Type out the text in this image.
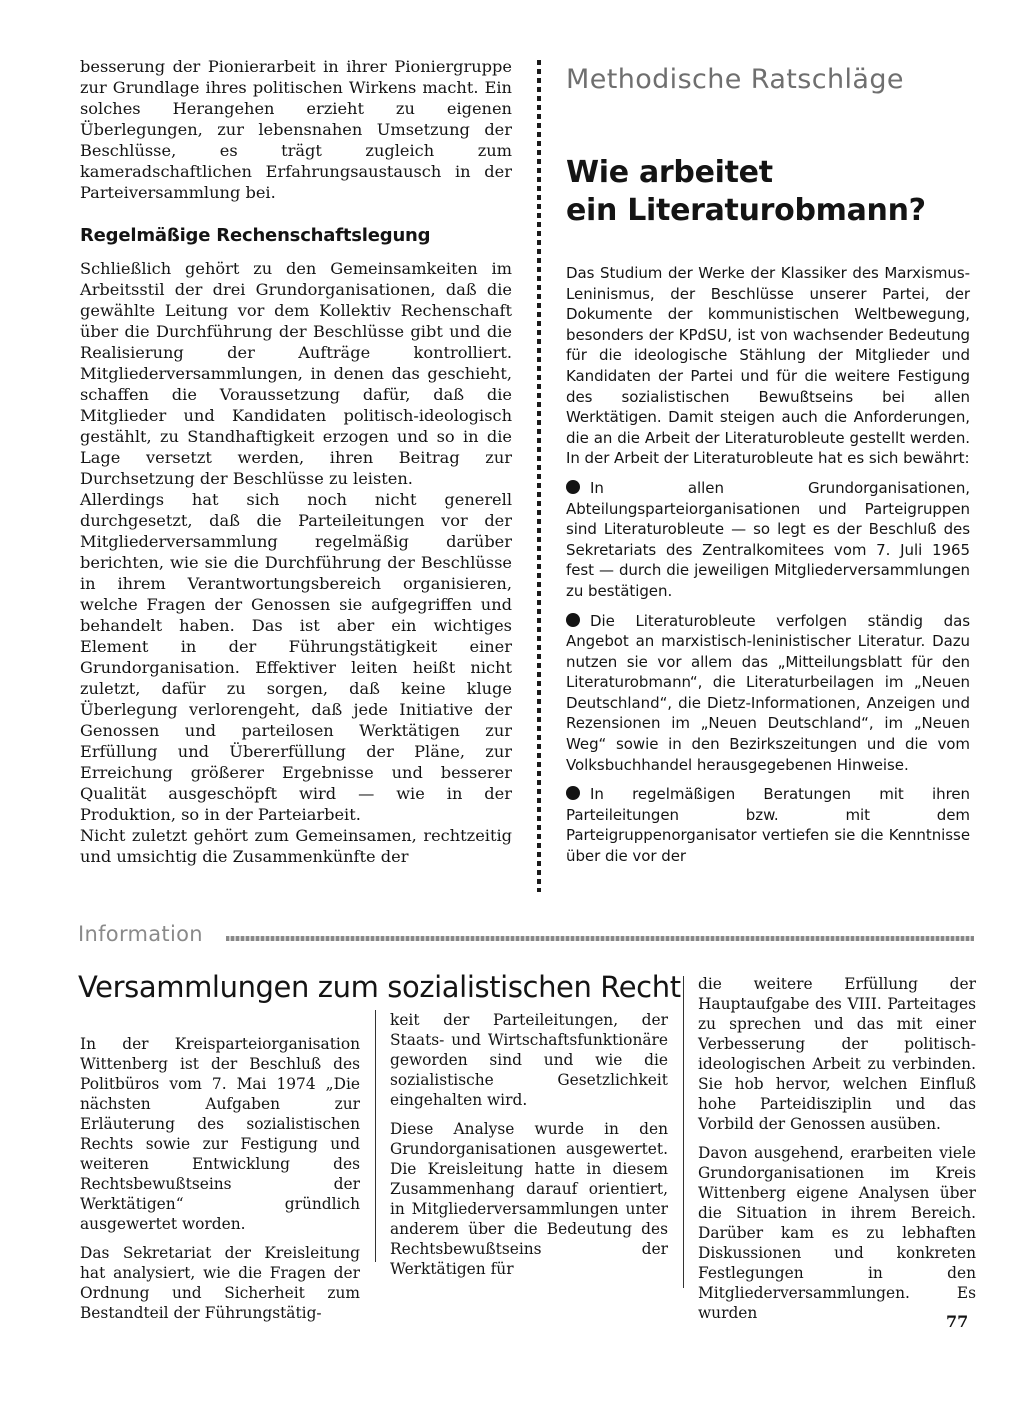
besserung der Pionierarbeit in ihrer Pioniergruppe zur Grundlage ihres politischen Wirkens macht. Ein solches Herangehen erzieht zu eigenen Überlegungen, zur lebensnahen Umsetzung der Beschlüsse, es trägt zugleich zum kameradschaftlichen Erfahrungsaustausch in der Parteiversammlung bei.

Regelmäßige Rechenschaftslegung

Schließlich gehört zu den Gemeinsamkeiten im Arbeitsstil der drei Grundorganisationen, daß die gewählte Leitung vor dem Kollektiv Rechenschaft über die Durchführung der Beschlüsse gibt und die Realisierung der Aufträge kontrolliert. Mitgliederversammlungen, in denen das geschieht, schaffen die Voraussetzung dafür, daß die Mitglieder und Kandidaten politisch-ideologisch gestählt, zu Standhaftigkeit erzogen und so in die Lage versetzt werden, ihren Beitrag zur Durchsetzung der Beschlüsse zu leisten.

Allerdings hat sich noch nicht generell durchgesetzt, daß die Parteileitungen vor der Mitgliederversammlung regelmäßig darüber berichten, wie sie die Durchführung der Beschlüsse in ihrem Verantwortungsbereich organisieren, welche Fragen der Genossen sie aufgegriffen und behandelt haben. Das ist aber ein wichtiges Element in der Führungstätigkeit einer Grundorganisation. Effektiver leiten heißt nicht zuletzt, dafür zu sorgen, daß keine kluge Überlegung verlorengeht, daß jede Initiative der Genossen und parteilosen Werktätigen zur Erfüllung und Übererfüllung der Pläne, zur Erreichung größerer Ergebnisse und besserer Qualität ausgeschöpft wird — wie in der Produktion, so in der Parteiarbeit.

Nicht zuletzt gehört zum Gemeinsamen, rechtzeitig und umsichtig die Zusammenkünfte der

Methodische Ratschläge

Wie arbeitet
ein Literaturobmann?

Das Studium der Werke der Klassiker des Marxismus-Leninismus, der Beschlüsse unserer Partei, der Dokumente der kommunistischen Weltbewegung, besonders der KPdSU, ist von wachsender Bedeutung für die ideologische Stählung der Mitglieder und Kandidaten der Partei und für die weitere Festigung des sozialistischen Bewußtseins bei allen Werktätigen. Damit steigen auch die Anforderungen, die an die Arbeit der Literaturobleute gestellt werden. In der Arbeit der Literaturobleute hat es sich bewährt:

In allen Grundorganisationen, Abteilungsparteiorganisationen und Parteigruppen sind Literaturobleute — so legt es der Beschluß des Sekretariats des Zentralkomitees vom 7. Juli 1965 fest — durch die jeweiligen Mitgliederversammlungen zu bestätigen.

Die Literaturobleute verfolgen ständig das Angebot an marxistisch-leninistischer Literatur. Dazu nutzen sie vor allem das „Mitteilungsblatt für den Literaturobmann“, die Literaturbeilagen im „Neuen Deutschland“, die Dietz-Informationen, Anzeigen und Rezensionen im „Neuen Deutschland“, im „Neuen Weg“ sowie in den Bezirkszeitungen und die vom Volksbuchhandel herausgegebenen Hinweise.

In regelmäßigen Beratungen mit ihren Parteileitungen bzw. mit dem Parteigruppenorganisator vertiefen sie die Kenntnisse über die vor der

Information

Versammlungen zum sozialistischen Recht

In der Kreisparteiorganisation Wittenberg ist der Beschluß des Politbüros vom 7. Mai 1974 „Die nächsten Aufgaben zur Erläuterung des sozialistischen Rechts sowie zur Festigung und weiteren Entwicklung des Rechtsbewußtseins der Werktätigen“ gründlich ausgewertet worden.

Das Sekretariat der Kreisleitung hat analysiert, wie die Fragen der Ordnung und Sicherheit zum Bestandteil der Führungstätig-

keit der Parteileitungen, der Staats- und Wirtschaftsfunktionäre geworden sind und wie die sozialistische Gesetzlichkeit eingehalten wird.

Diese Analyse wurde in den Grundorganisationen ausgewertet. Die Kreisleitung hatte in diesem Zusammenhang darauf orientiert, in Mitgliederversammlungen unter anderem über die Bedeutung des Rechtsbewußtseins der Werktätigen für

die weitere Erfüllung der Hauptaufgabe des VIII. Parteitages zu sprechen und das mit einer Verbesserung der politisch-ideologischen Arbeit zu verbinden. Sie hob hervor, welchen Einfluß hohe Parteidisziplin und das Vorbild der Genossen ausüben.

Davon ausgehend, erarbeiten viele Grundorganisationen im Kreis Wittenberg eigene Analysen über die Situation in ihrem Bereich. Darüber kam es zu lebhaften Diskussionen und konkreten Festlegungen in den Mitgliederversammlungen. Es wurden	77
